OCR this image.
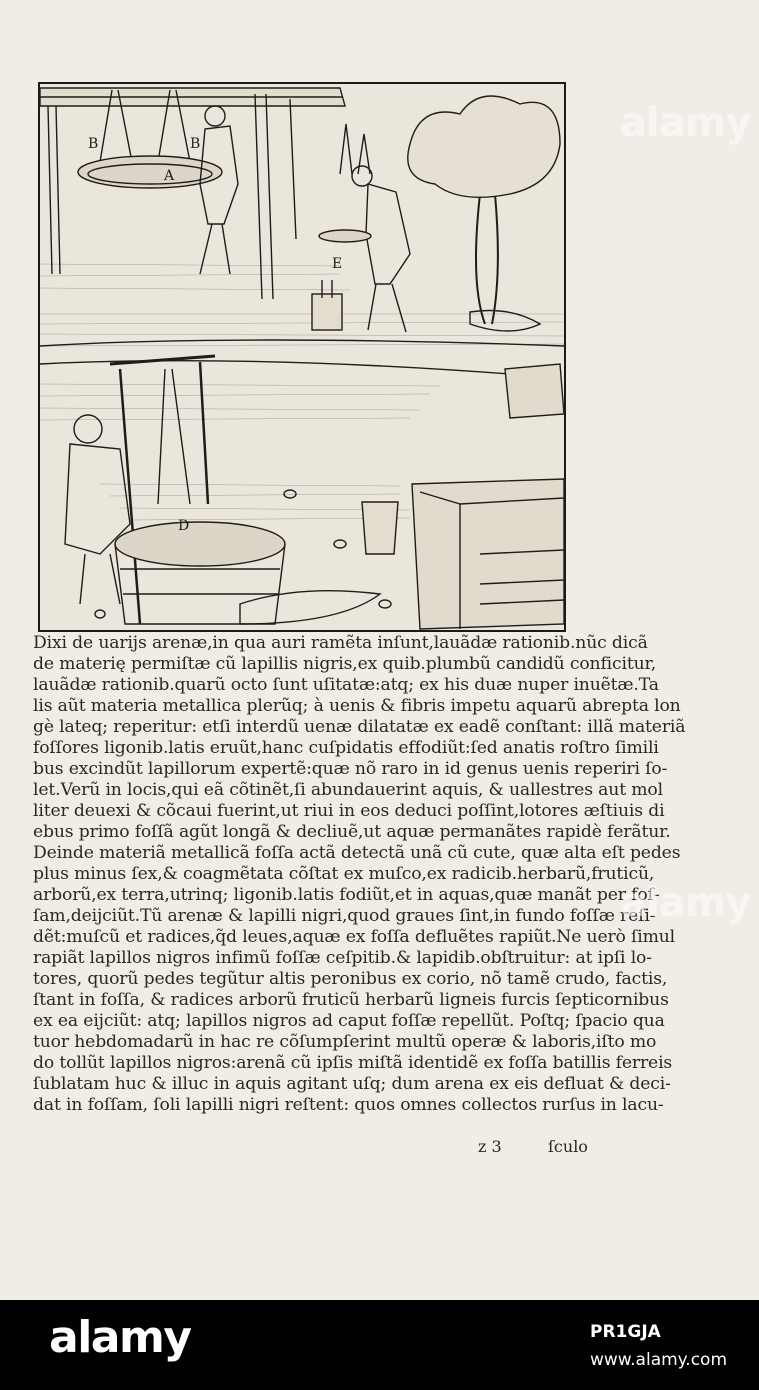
D
B	B
A
E
Dixi de uarijs arenæ,in qua auri ramẽta inſunt,lauãdæ rationib.nũc dicã
de materię permiſtæ cũ lapillis nigris,ex quib.plumbũ candidũ conficitur,
lauãdæ rationib.quarũ octo ſunt uſitatæ:atq; ex his duæ nuper inuẽtæ.Ta
lis aũt materia metallica plerũq; à uenis & fibris impetu aquarũ abrepta lon
gè lateq; reperitur: etſi interdũ uenæ dilatatæ ex eadẽ conſtant: illã materiã
foſſores ligonib.latis eruũt,hanc cuſpidatis effodiũt:ſed anatis roſtro ſimili
bus excindũt lapillorum expertẽ:quæ nõ raro in id genus uenis reperiri ſo-
let.Verũ in locis,qui eã cõtinẽt,ſi abundauerint aquis, & uallestres aut mol
liter deuexi & cõcaui fuerint,ut riui in eos deduci poſſint,lotores æſtiuis di
ebus primo foſſã agũt longã & decliuẽ,ut aquæ permanãtes rapidè ferãtur.
Deinde materiã metallicã foſſa actã detectã unã cũ cute, quæ alta eſt pedes
plus minus ſex,& coagmẽtata cõſtat ex muſco,ex radicib.herbarũ,fruticũ,
arborũ,ex terra,utrinq; ligonib.latis fodiũt,et in aquas,quæ manãt per foſ-
ſam,deijciũt.Tũ arenæ & lapilli nigri,quod graues ſint,in fundo foſſæ reſi-
dẽt:muſcũ et radices,q̃d leues,aquæ ex foſſa defluẽtes rapiũt.Ne uerò ſimul
rapiãt lapillos nigros infimũ foſſæ ceſpitib.& lapidib.obſtruitur: at ipſi lo-
tores, quorũ pedes tegũtur altis peronibus ex corio, nõ tamẽ crudo, factis,
ſtant in foſſa, & radices arborũ fruticũ herbarũ ligneis furcis ſepticornibus
ex ea eijciũt: atq; lapillos nigros ad caput foſſæ repellũt. Poſtq; ſpacio qua
tuor hebdomadarũ in hac re cõſumpſerint multũ operæ & laboris,iſto mo
do tollũt lapillos nigros:arenã cũ ipſis miſtã identidẽ ex foſſa batillis ferreis
ſublatam huc & illuc in aquis agitant uſq; dum arena ex eis defluat & deci-
dat in foſſam, ſoli lapilli nigri reſtent: quos omnes collectos rurſus in lacu-
z 3	ſculo
alamy
alamy
alamy	PR1GJA
www.alamy.com
